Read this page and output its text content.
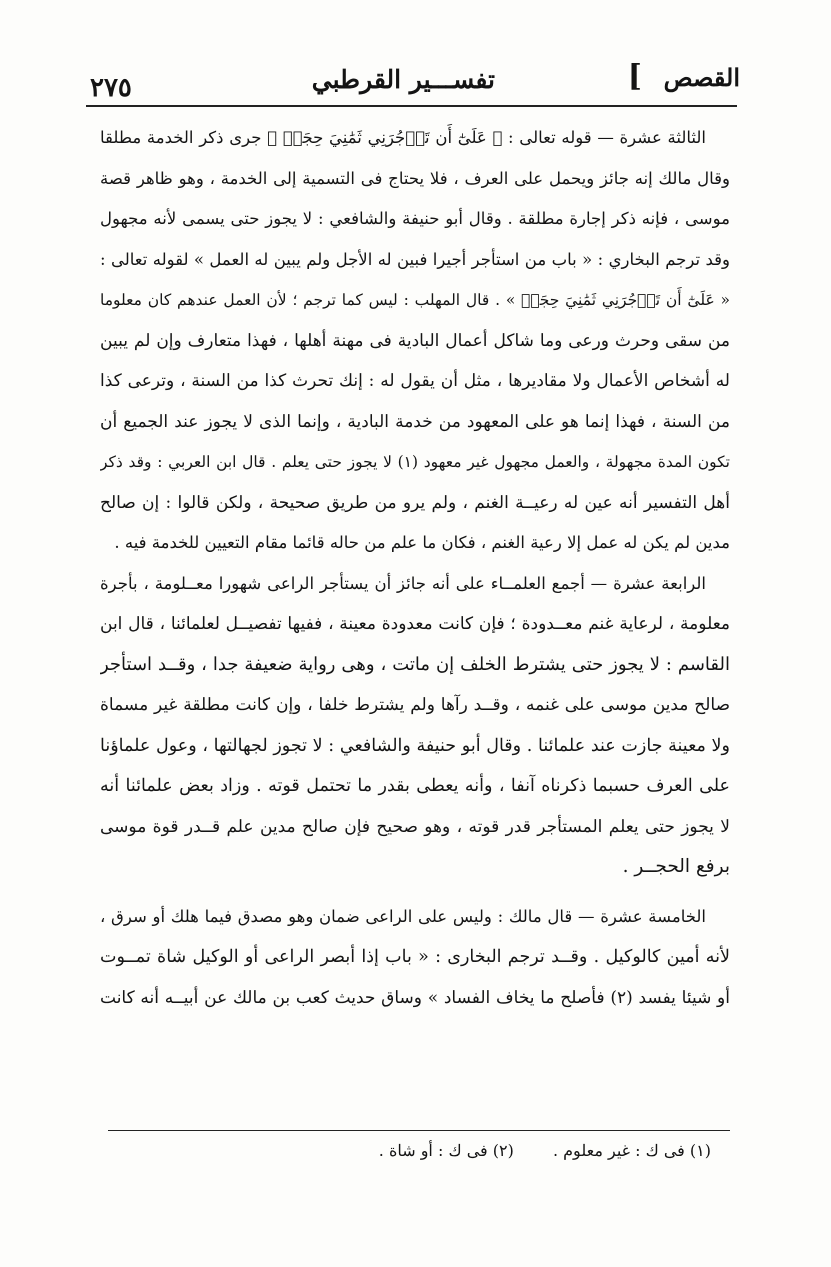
القصص
]
تفســـير القرطبي
٢٧٥
الثالثة عشرة — قوله تعالى : ﴿ عَلَىٰٓ أَن تَأۡجُرَنِي ثَمَٰنِيَ حِجَجٖ ﴾ جرى ذكر الخدمة مطلقا
وقال مالك إنه جائز ويحمل على العرف ، فلا يحتاج فى التسمية إلى الخدمة ، وهو ظاهر قصة
موسى ، فإنه ذكر إجارة مطلقة . وقال أبو حنيفة والشافعي : لا يجوز حتى يسمى لأنه مجهول
وقد ترجم البخاري : « باب من استأجر أجيرا فبين له الأجل ولم يبين له العمل » لقوله تعالى :
« عَلَىٰٓ أَن تَأۡجُرَنِي ثَمَٰنِيَ حِجَجٖ » . قال المهلب : ليس كما ترجم ؛ لأن العمل عندهم كان معلوما
من سقى وحرث ورعى وما شاكل أعمال البادية فى مهنة أهلها ، فهذا متعارف وإن لم يبين
له أشخاص الأعمال ولا مقاديرها ، مثل أن يقول له : إنك تحرث كذا من السنة ، وترعى كذا
من السنة ، فهذا إنما هو على المعهود من خدمة البادية ، وإنما الذى لا يجوز عند الجميع أن
تكون المدة مجهولة ، والعمل مجهول غير معهود (١) لا يجوز حتى يعلم . قال ابن العربي : وقد ذكر
أهل التفسير أنه عين له رعيــة الغنم ، ولم يرو من طريق صحيحة ، ولكن قالوا : إن صالح
مدين لم يكن له عمل إلا رعية الغنم ، فكان ما علم من حاله قائما مقام التعيين للخدمة فيه .
الرابعة عشرة — أجمع العلمــاء على أنه جائز أن يستأجر الراعى شهورا معــلومة ، بأجرة
معلومة ، لرعاية غنم معــدودة ؛ فإن كانت معدودة معينة ، ففيها تفصيــل لعلمائنا ، قال ابن
القاسم : لا يجوز حتى يشترط الخلف إن ماتت ، وهى رواية ضعيفة جدا ، وقــد استأجر
صالح مدين موسى على غنمه ، وقــد رآها ولم يشترط خلفا ، وإن كانت مطلقة غير مسماة
ولا معينة جازت عند علمائنا . وقال أبو حنيفة والشافعي : لا تجوز لجهالتها ، وعول علماؤنا
على العرف حسبما ذكرناه آنفا ، وأنه يعطى بقدر ما تحتمل قوته . وزاد بعض علمائنا أنه
لا يجوز حتى يعلم المستأجر قدر قوته ، وهو صحيح فإن صالح مدين علم قــدر قوة موسى
برفع الحجــر .
الخامسة عشرة — قال مالك : وليس على الراعى ضمان وهو مصدق فيما هلك أو سرق ،
لأنه أمين كالوكيل . وقــد ترجم البخارى : « باب إذا أبصر الراعى أو الوكيل شاة تمــوت
أو شيئا يفسد (٢) فأصلح ما يخاف الفساد » وساق حديث كعب بن مالك عن أبيــه أنه كانت
(١) فى ك : غير معلوم . (٢) فى ك : أو شاة .
